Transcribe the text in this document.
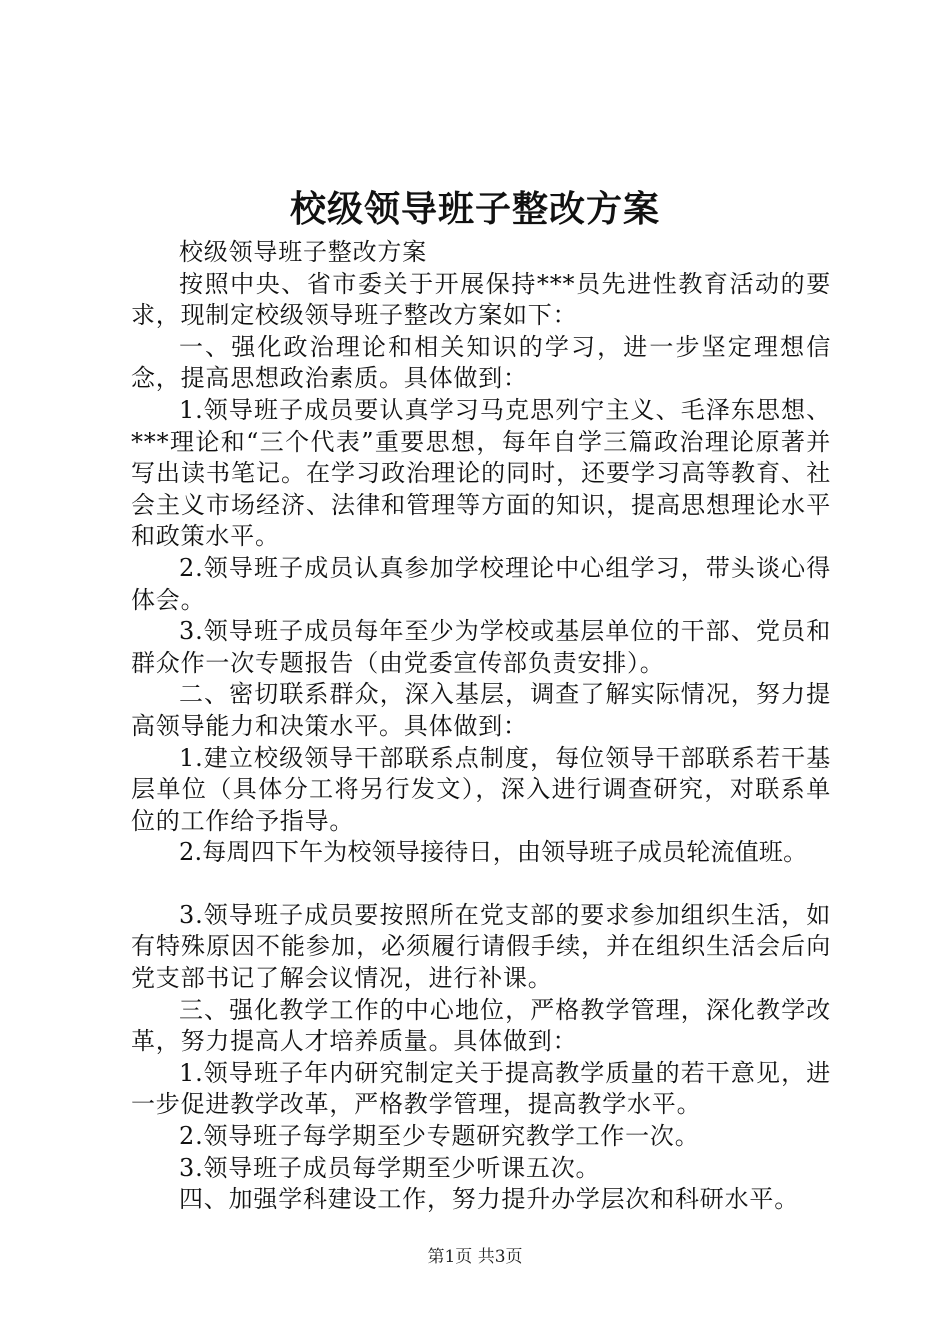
校级领导班子整改方案

校级领导班子整改方案

按照中央、省市委关于开展保持***员先进性教育活动的要求，现制定校级领导班子整改方案如下：

一、强化政治理论和相关知识的学习，进一步坚定理想信念，提高思想政治素质。具体做到：

1.领导班子成员要认真学习马克思列宁主义、毛泽东思想、***理论和“三个代表”重要思想，每年自学三篇政治理论原著并写出读书笔记。在学习政治理论的同时，还要学习高等教育、社会主义市场经济、法律和管理等方面的知识，提高思想理论水平和政策水平。

2.领导班子成员认真参加学校理论中心组学习，带头谈心得体会。

3.领导班子成员每年至少为学校或基层单位的干部、党员和群众作一次专题报告（由党委宣传部负责安排）。

二、密切联系群众，深入基层，调查了解实际情况，努力提高领导能力和决策水平。具体做到：

1.建立校级领导干部联系点制度，每位领导干部联系若干基层单位（具体分工将另行发文），深入进行调查研究，对联系单位的工作给予指导。

2.每周四下午为校领导接待日，由领导班子成员轮流值班。

3.领导班子成员要按照所在党支部的要求参加组织生活，如有特殊原因不能参加，必须履行请假手续，并在组织生活会后向党支部书记了解会议情况，进行补课。

三、强化教学工作的中心地位，严格教学管理，深化教学改革，努力提高人才培养质量。具体做到：

1.领导班子年内研究制定关于提高教学质量的若干意见，进一步促进教学改革，严格教学管理，提高教学水平。

2.领导班子每学期至少专题研究教学工作一次。

3.领导班子成员每学期至少听课五次。

四、加强学科建设工作，努力提升办学层次和科研水平。

第1页 共3页
